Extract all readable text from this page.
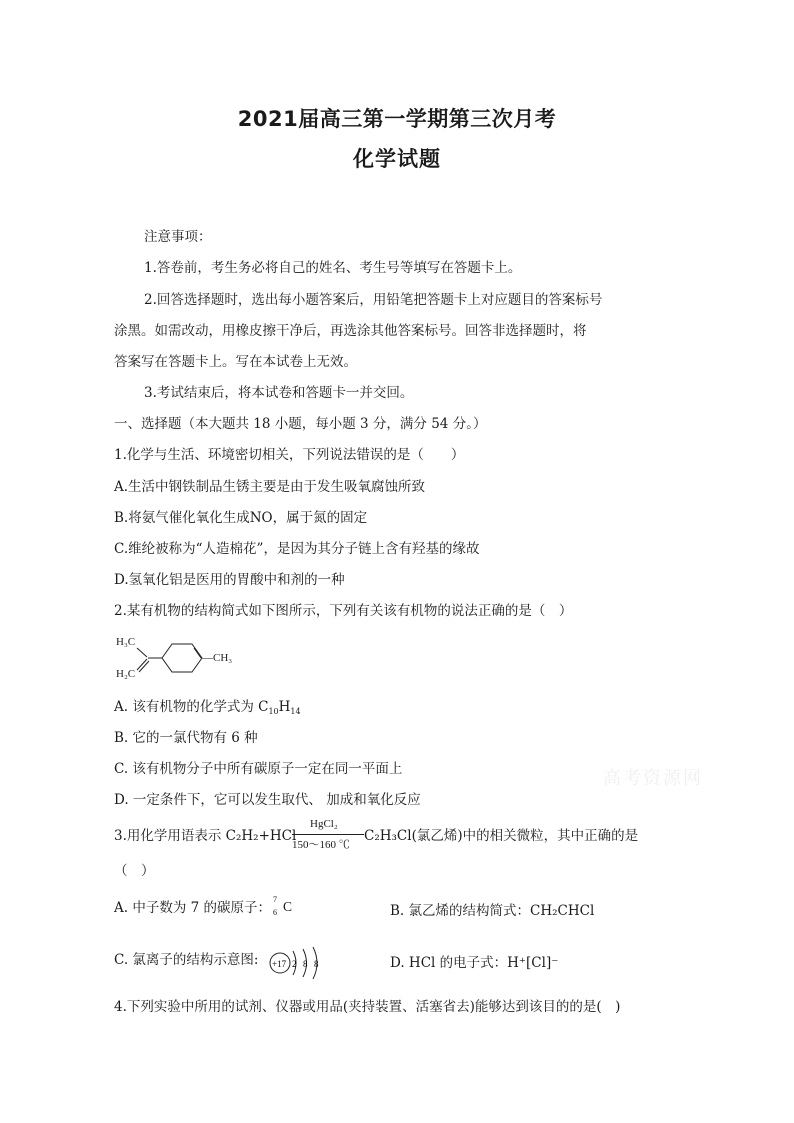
2021届高三第一学期第三次月考
化学试题
注意事项：
1.答卷前，考生务必将自己的姓名、考生号等填写在答题卡上。
2.回答选择题时，选出每小题答案后，用铅笔把答题卡上对应题目的答案标号
涂黑。如需改动，用橡皮擦干净后，再选涂其他答案标号。回答非选择题时，将
答案写在答题卡上。写在本试卷上无效。
3.考试结束后，将本试卷和答题卡一并交回。
一、选择题（本大题共 18 小题，每小题 3 分，满分 54 分。）
1.化学与生活、环境密切相关，下列说法错误的是（　　）
A.生活中钢铁制品生锈主要是由于发生吸氧腐蚀所致
B.将氨气催化氧化生成NO，属于氮的固定
C.维纶被称为“人造棉花”，是因为其分子链上含有羟基的缘故
D.氢氧化铝是医用的胃酸中和剂的一种
2.某有机物的结构简式如下图所示，下列有关该有机物的说法正确的是（　）
H₃C
H₂C
—CH₃
A. 该有机物的化学式为 $C_{10}H_{14}$
B. 它的一氯代物有 6 种
C. 该有机物分子中所有碳原子一定在同一平面上
D. 一定条件下，它可以发生取代、 加成和氧化反应
高考资源网
3.用化学用语表示 C₂H₂+HCl
HgCl₂
150～160 ℃
C₂H₃Cl(氯乙烯)中的相关微粒，其中正确的是
（　）
A. 中子数为 7 的碳原子：
7
6 C	B. 氯乙烯的结构简式：CH₂CHCl
C. 氯离子的结构示意图: +17 2 8 8	D. HCl 的电子式：H⁺[Cl]⁻
4.下列实验中所用的试剂、仪器或用品(夹持装置、活塞省去)能够达到该目的的是(　)
